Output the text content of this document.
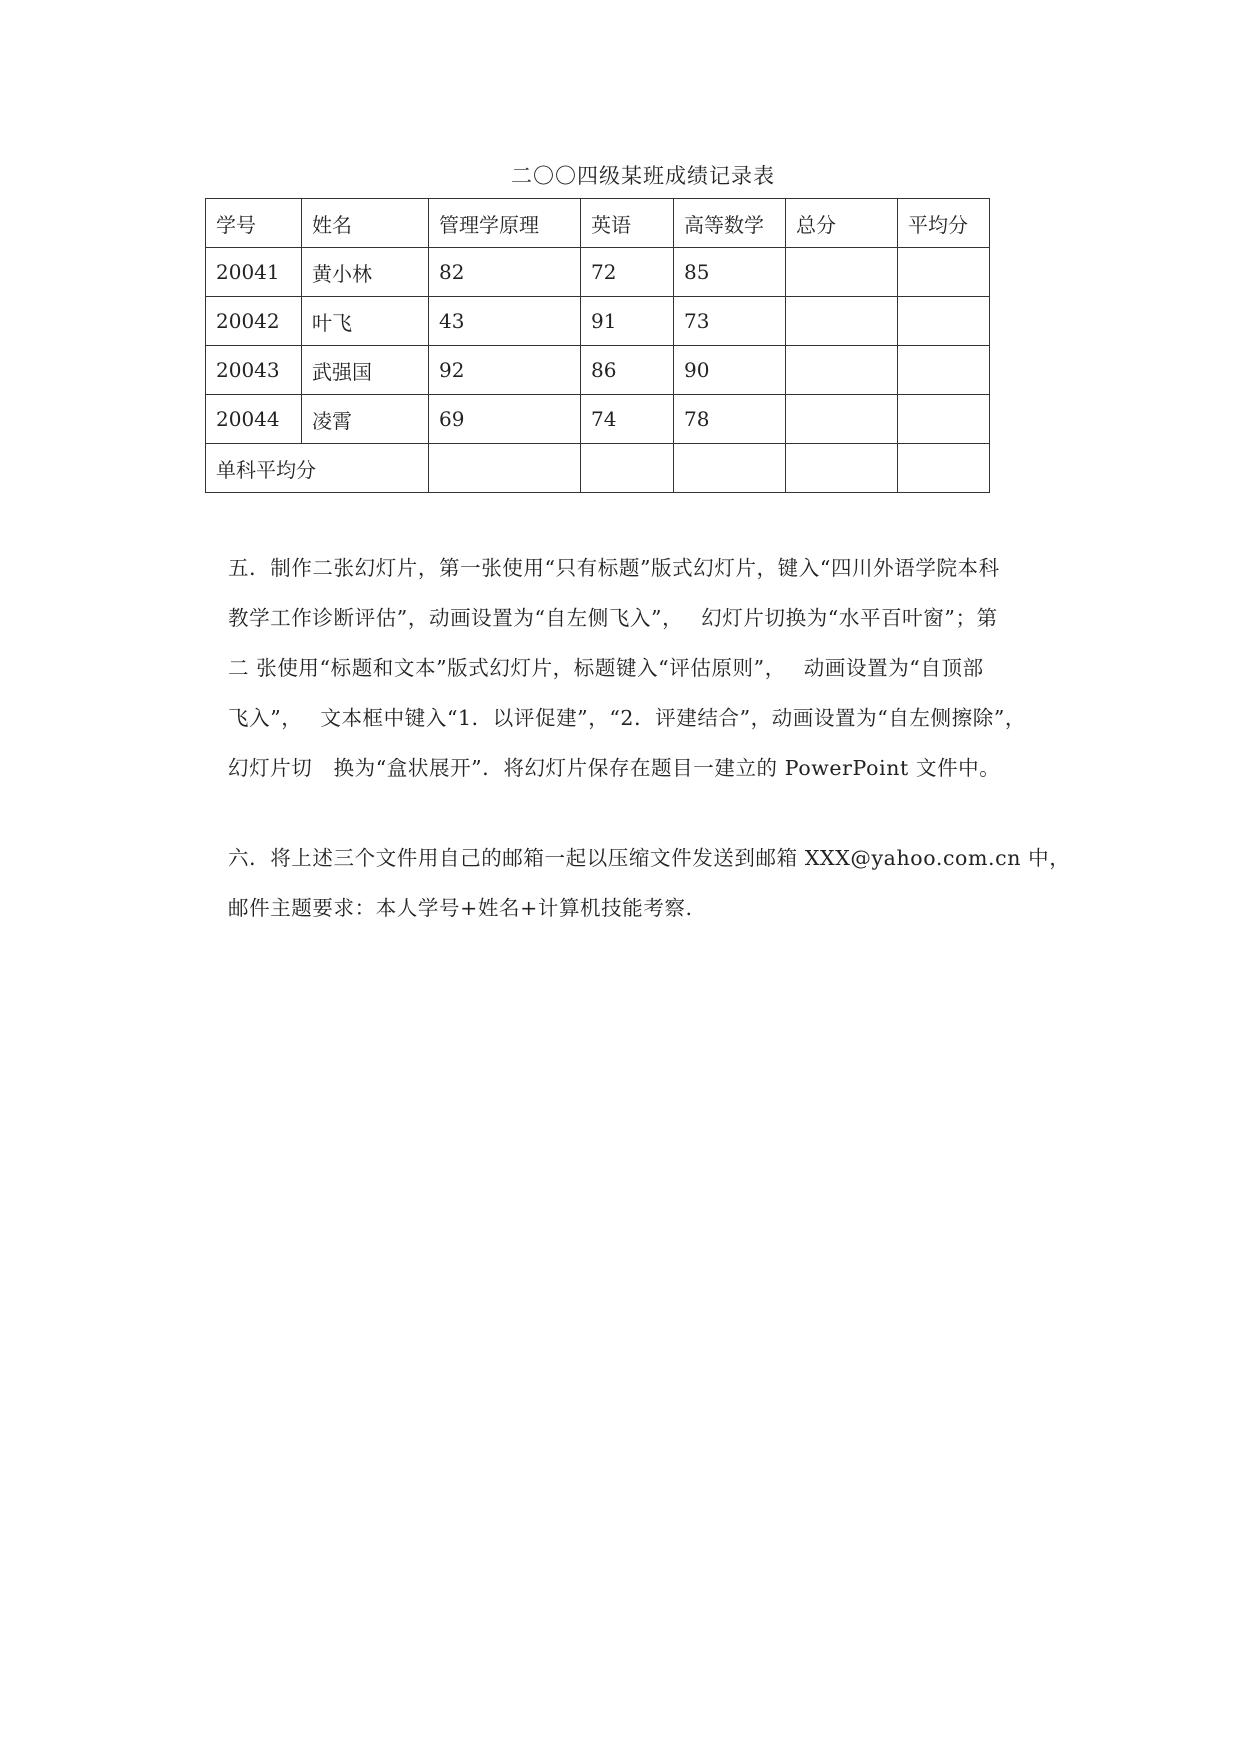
二〇〇四级某班成绩记录表
学号	姓名	管理学原理	英语	高等数学	总分	平均分
20041	黄小林	82	72	85		
20042	叶飞	43	91	73		
20043	武强国	92	86	90		
20044	凌霄	69	74	78		
单科平均分						
五．制作二张幻灯片，第一张使用“只有标题”版式幻灯片，键入“四川外语学院本科
教学工作诊断评估”，动画设置为“自左侧飞入”，　 幻灯片切换为“水平百叶窗”；第
二 张使用“标题和文本”版式幻灯片，标题键入“评估原则”，　 动画设置为“自顶部
飞入”，　 文本框中键入“1．以评促建”，“2．评建结合”，动画设置为“自左侧擦除”，
幻灯片切　换为“盒状展开”．将幻灯片保存在题目一建立的 PowerPoint 文件中。
六．将上述三个文件用自己的邮箱一起以压缩文件发送到邮箱 XXX@yahoo.com.cn 中，
邮件主题要求：本人学号+姓名+计算机技能考察.
